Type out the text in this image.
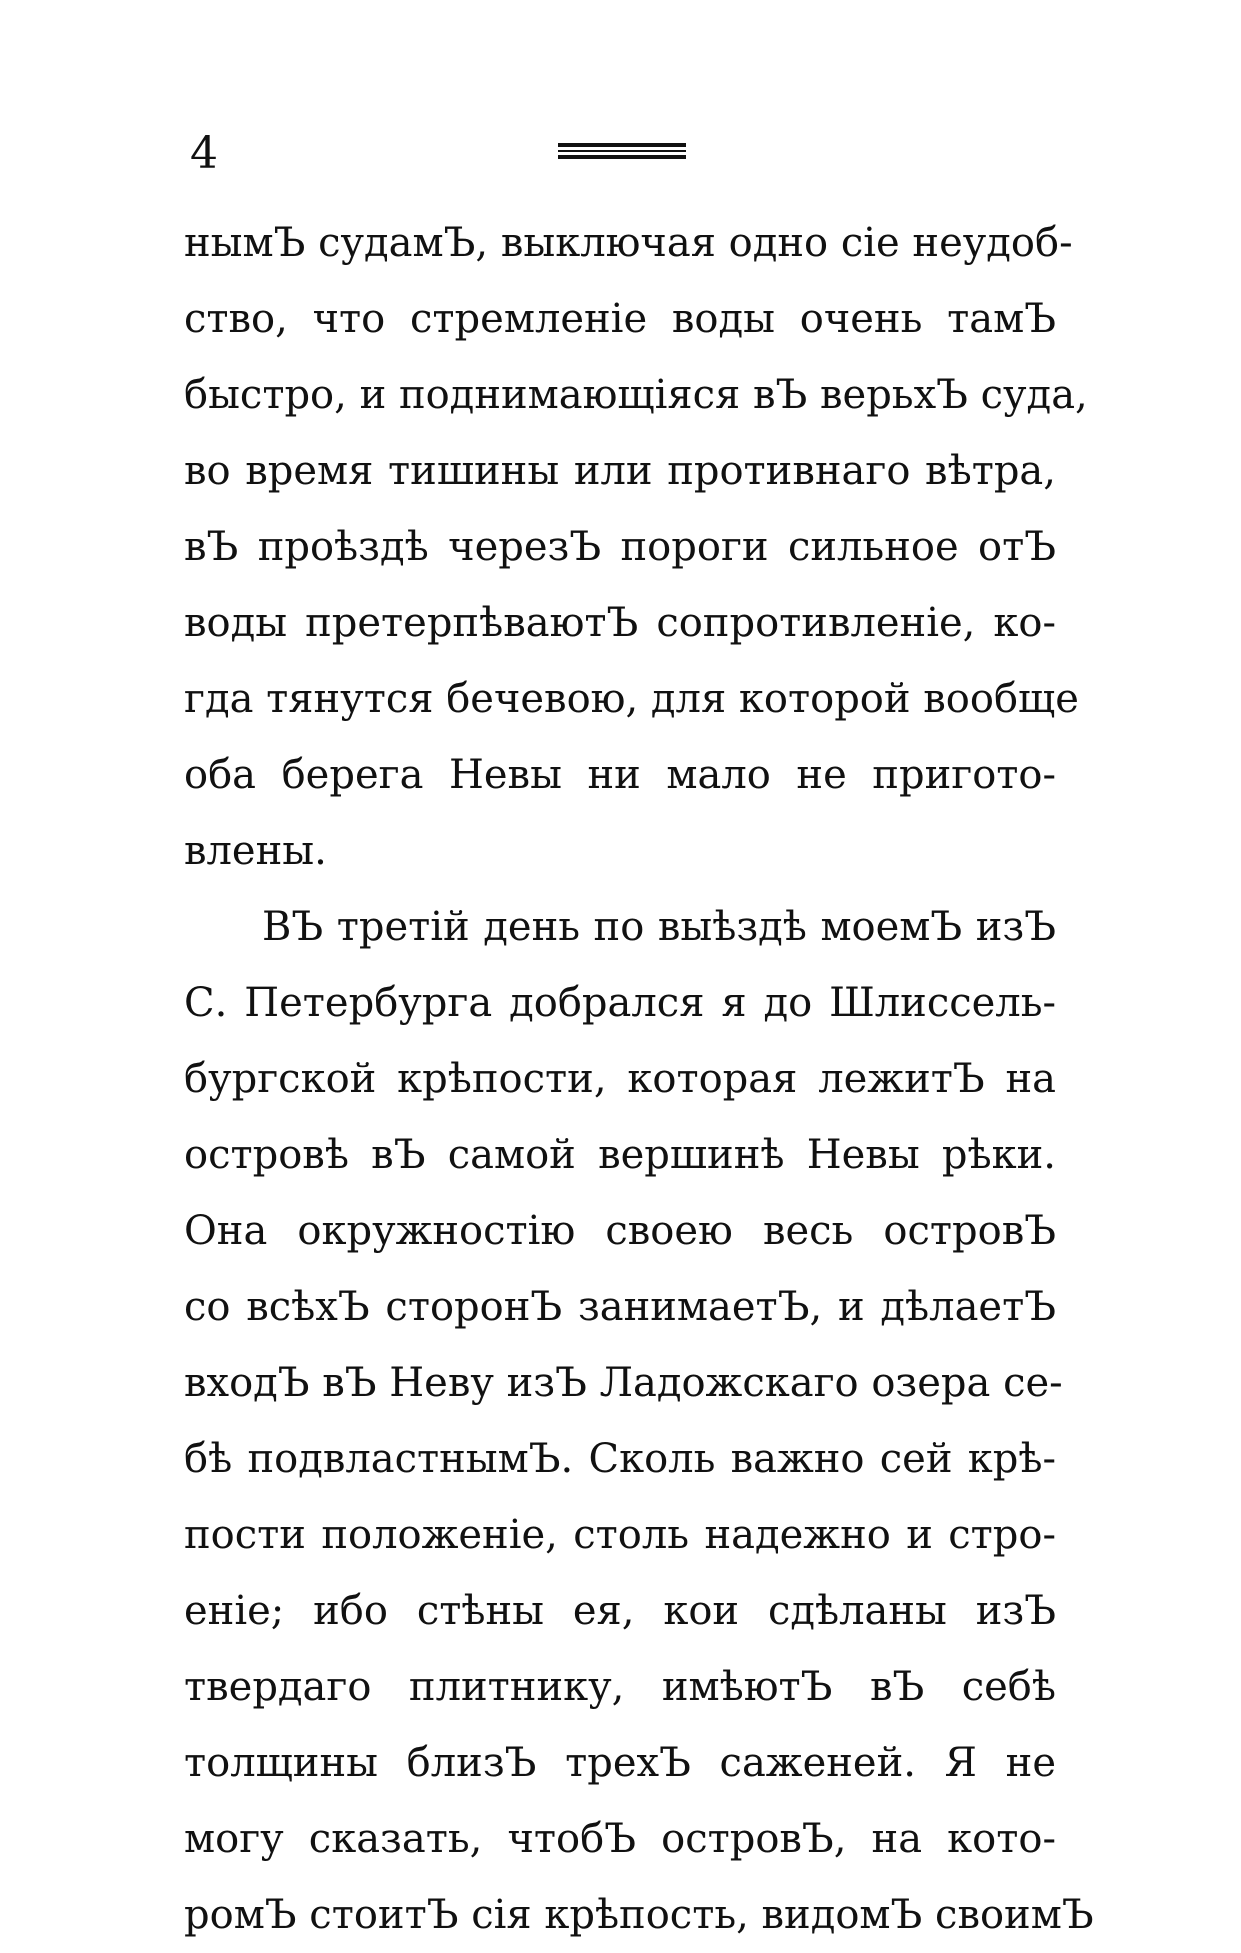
4
нымЪ судамЪ, выключая одно сіе неудоб-
ство, что стремленіе воды очень тамЪ
быстро, и поднимающіяся вЪ верьхЪ суда,
во время тишины или противнаго вѣтра,
вЪ проѣздѣ черезЪ пороги сильное отЪ
воды претерпѣваютЪ сопротивленіе, ко-
гда тянутся бечевою, для которой вообще
оба берега Невы ни мало не пригото-
влены.
ВЪ третій день по выѣздѣ моемЪ изЪ
С. Петербурга добрался я до Шлиссель-
бургской крѣпости, которая лежитЪ на
островѣ вЪ самой вершинѣ Невы рѣки.
Она окружностію своею весь островЪ
со всѣхЪ сторонЪ занимаетЪ, и дѣлаетЪ
входЪ вЪ Неву изЪ Ладожскаго озера се-
бѣ подвластнымЪ. Сколь важно сей крѣ-
пости положеніе, столь надежно и стро-
еніе; ибо стѣны ея, кои сдѣланы изЪ
твердаго плитнику, имѣютЪ вЪ себѣ
толщины близЪ трехЪ саженей. Я не
могу сказать, чтобЪ островЪ, на кото-
ромЪ стоитЪ сія крѣпость, видомЪ своимЪ
